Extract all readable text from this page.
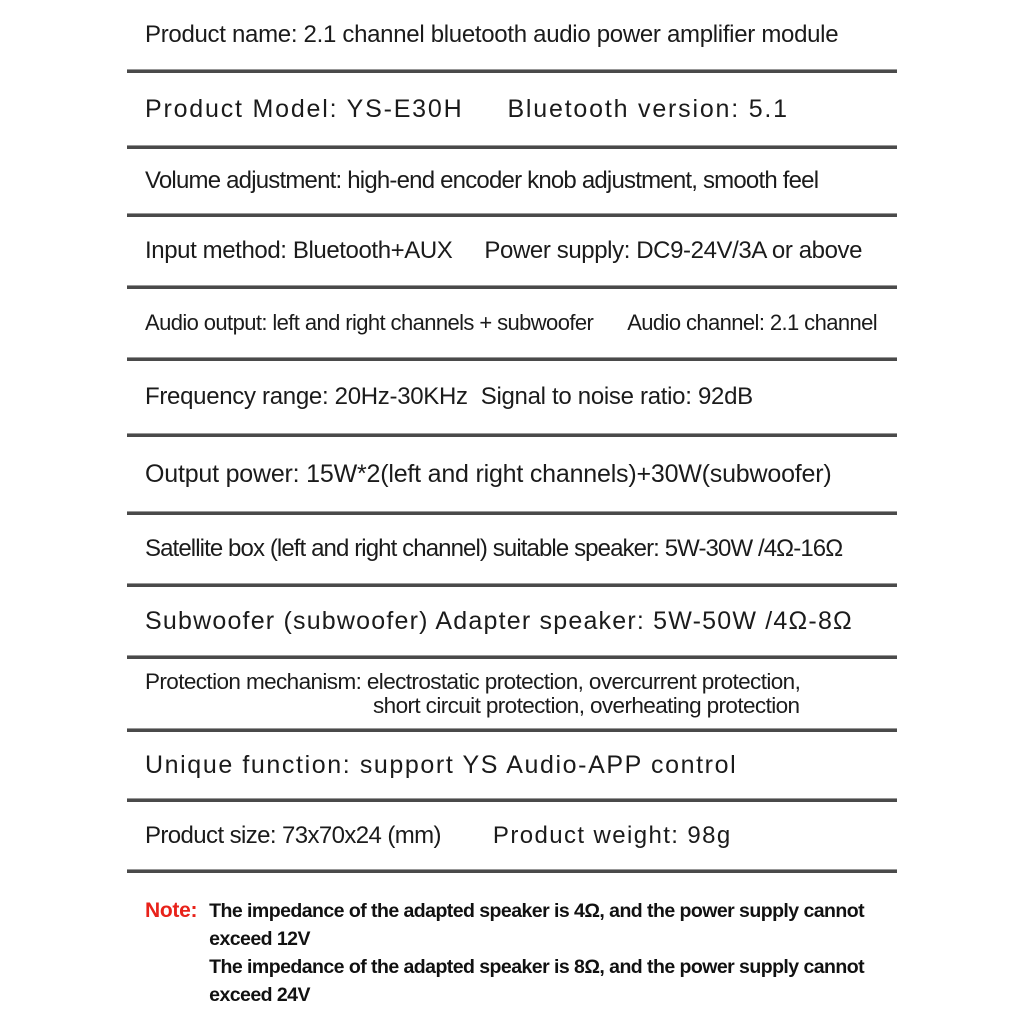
Product name: 2.1 channel bluetooth audio power amplifier module
Product Model: YS-E30H Bluetooth version: 5.1
Volume adjustment: high-end encoder knob adjustment, smooth feel
Input method: Bluetooth+AUX Power supply: DC9-24V/3A or above
Audio output: left and right channels + subwoofer Audio channel: 2.1 channel
Frequency range: 20Hz-30KHz Signal to noise ratio: 92dB
Output power: 15W*2(left and right channels)+30W(subwoofer)
Satellite box (left and right channel) suitable speaker: 5W-30W /4Ω-16Ω
Subwoofer (subwoofer) Adapter speaker: 5W-50W /4Ω-8Ω
Protection mechanism: electrostatic protection, overcurrent protection,
short circuit protection, overheating protection
Unique function: support YS Audio-APP control
Product size: 73x70x24 (mm) Product weight: 98g
Note: The impedance of the adapted speaker is 4Ω, and the power supply cannot exceed 12V
The impedance of the adapted speaker is 8Ω, and the power supply cannot exceed 24V
